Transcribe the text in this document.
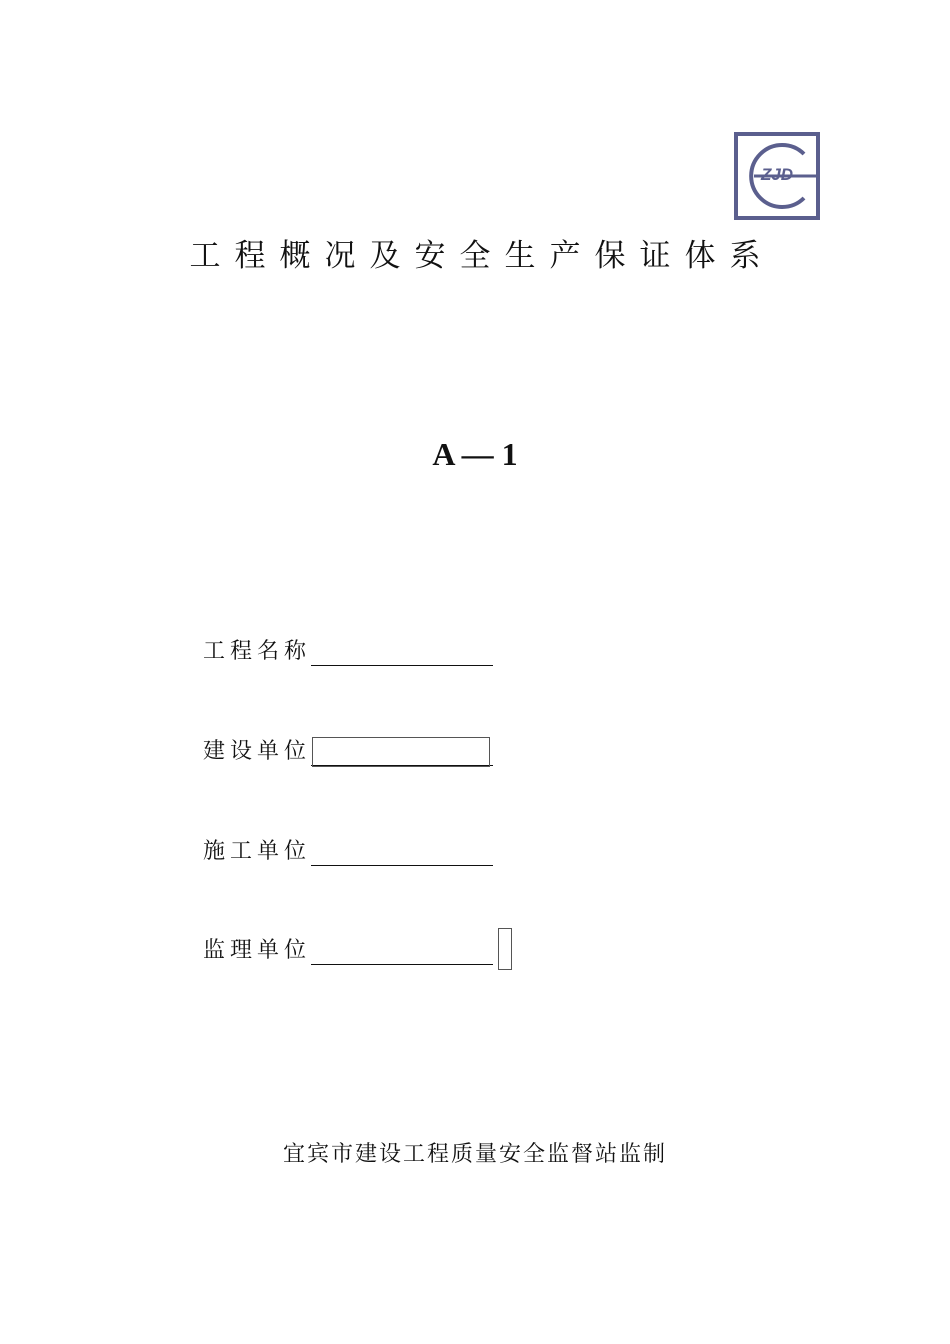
ZJD
工程概况及安全生产保证体系
A — 1
工程名称
建设单位
施工单位
监理单位
宜宾市建设工程质量安全监督站监制
